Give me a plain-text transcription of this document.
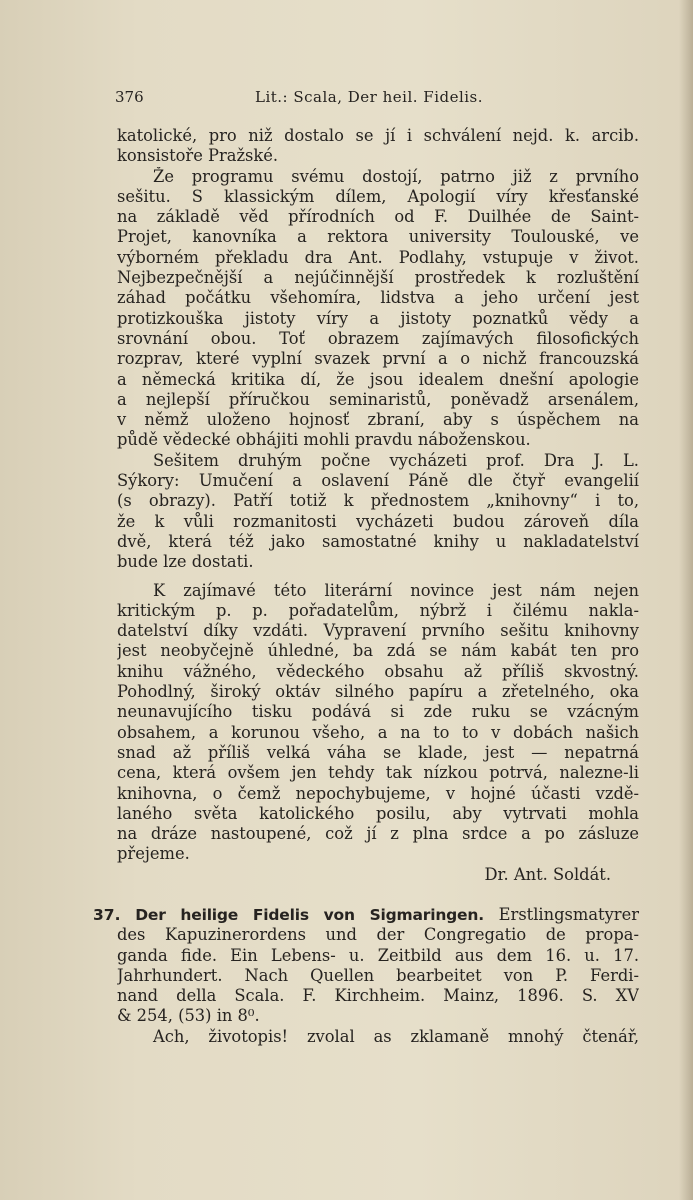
376	Lit.: Scala, Der heil. Fidelis.
katolické, pro niž dostalo se jí i schválení nejd. k. arcib.
konsistoře Pražské.
Že programu svému dostojí, patrno již z prvního
sešitu. S klassickým dílem, Apologií víry křesťanské
na základě věd přírodních od F. Duilhée de Saint-
Projet, kanovníka a rektora university Toulouské, ve
výborném překladu dra Ant. Podlahy, vstupuje v život.
Nejbezpečnější a nejúčinnější prostředek k rozluštění
záhad počátku všehomíra, lidstva a jeho určení jest
protizkouška jistoty víry a jistoty poznatků vědy a
srovnání obou. Toť obrazem zajímavých filosofických
rozprav, které vyplní svazek první a o nichž francouzská
a německá kritika dí, že jsou idealem dnešní apologie
a nejlepší příručkou seminaristů, poněvadž arsenálem,
v němž uloženo hojnosť zbraní, aby s úspěchem na
půdě vědecké obhájiti mohli pravdu náboženskou.
Sešitem druhým počne vycházeti prof. Dra J. L.
Sýkory: Umučení a oslavení Páně dle čtyř evangelií
(s obrazy). Patří totiž k přednostem „knihovny“ i to,
že k vůli rozmanitosti vycházeti budou zároveň díla
dvě, která též jako samostatné knihy u nakladatelství
bude lze dostati.
K zajímavé této literární novince jest nám nejen
kritickým p. p. pořadatelům, nýbrž i čilému nakla-
datelství díky vzdáti. Vypravení prvního sešitu knihovny
jest neobyčejně úhledné, ba zdá se nám kabát ten pro
knihu vážného, vědeckého obsahu až příliš skvostný.
Pohodlný, široký oktáv silného papíru a zřetelného, oka
neunavujícího tisku podává si zde ruku se vzácným
obsahem, a korunou všeho, a na to to v dobách našich
snad až příliš velká váha se klade, jest — nepatrná
cena, která ovšem jen tehdy tak nízkou potrvá, nalezne-li
knihovna, o čemž nepochybujeme, v hojné účasti vzdě-
laného světa katolického posilu, aby vytrvati mohla
na dráze nastoupené, což jí z plna srdce a po zásluze
přejeme.
Dr. Ant. Soldát.
37. Der heilige Fidelis von Sigmaringen. Erstlingsmatyrer
des Kapuzinerordens und der Congregatio de propa-
ganda fide. Ein Lebens- u. Zeitbild aus dem 16. u. 17.
Jahrhundert. Nach Quellen bearbeitet von P. Ferdi-
nand della Scala. F. Kirchheim. Mainz, 1896. S. XV
& 254, (53) in 8⁰.
Ach, životopis! zvolal as zklamaně mnohý čtenář,
